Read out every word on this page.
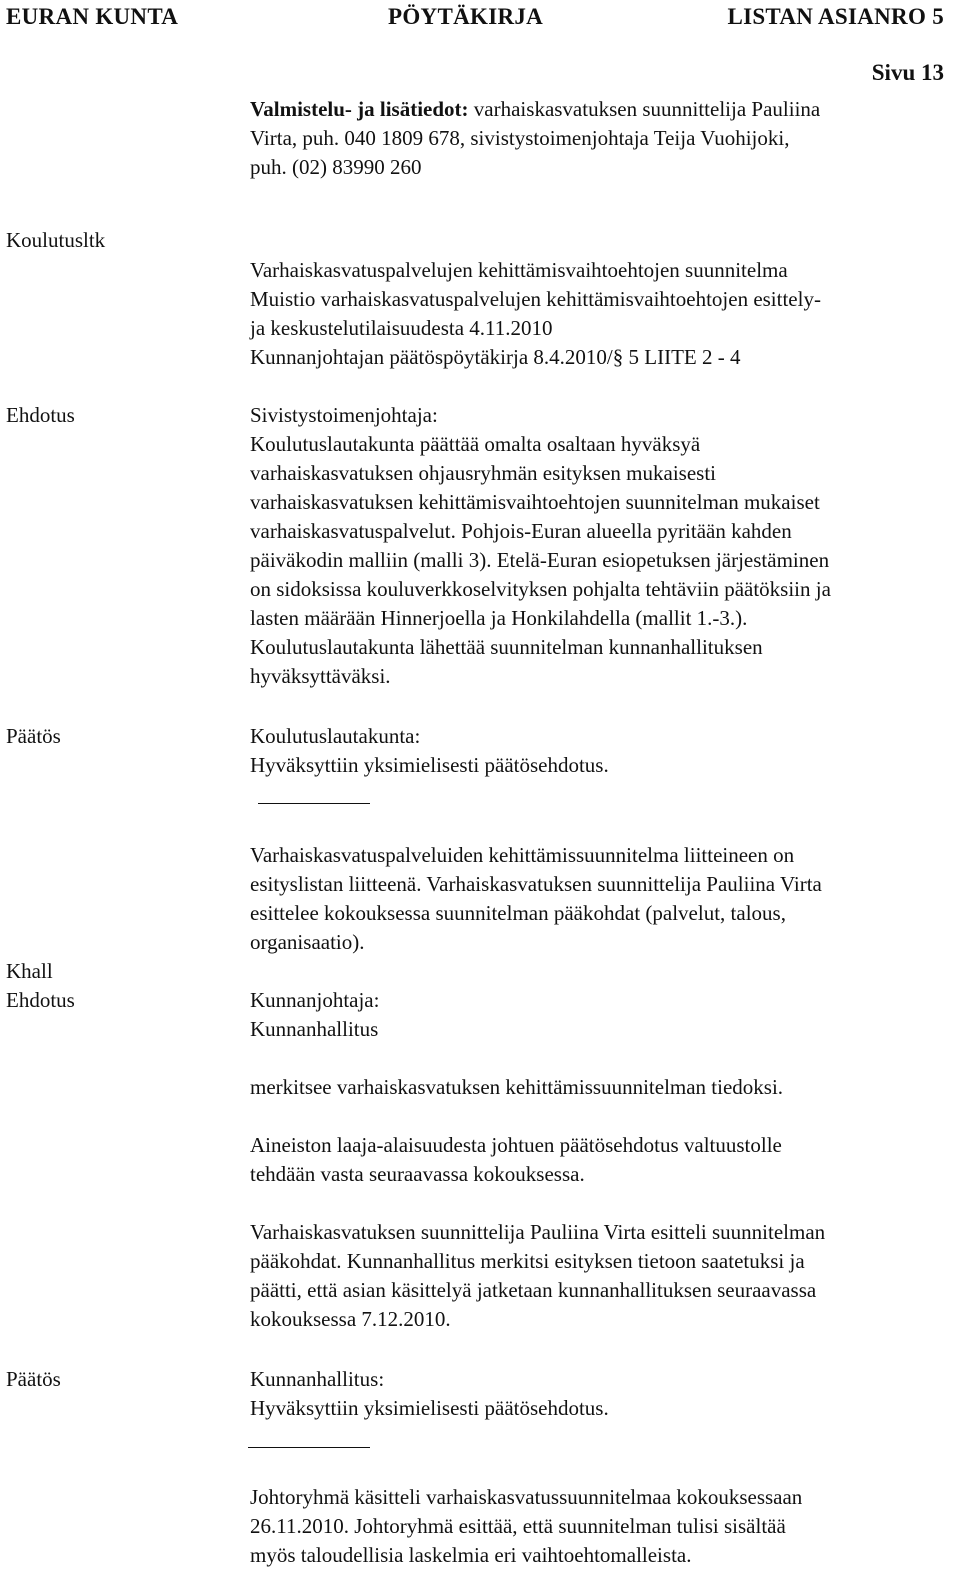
EURAN KUNTA	PÖYTÄKIRJA	LISTAN ASIANRO 5
Sivu 13
Valmistelu- ja lisätiedot: varhaiskasvatuksen suunnittelija Pauliina
Virta, puh. 040 1809 678, sivistystoimenjohtaja Teija Vuohijoki,
puh. (02) 83990 260
Koulutusltk
Varhaiskasvatuspalvelujen kehittämisvaihtoehtojen suunnitelma
Muistio varhaiskasvatuspalvelujen kehittämisvaihtoehtojen esittely-
ja keskustelutilaisuudesta 4.11.2010
Kunnanjohtajan päätöspöytäkirja 8.4.2010/§ 5 LIITE 2 - 4
Ehdotus	Sivistystoimenjohtaja:
Koulutuslautakunta päättää omalta osaltaan hyväksyä
varhaiskasvatuksen ohjausryhmän esityksen mukaisesti
varhaiskasvatuksen kehittämisvaihtoehtojen suunnitelman mukaiset
varhaiskasvatuspalvelut. Pohjois-Euran alueella pyritään kahden
päiväkodin malliin (malli 3). Etelä-Euran esiopetuksen järjestäminen
on sidoksissa kouluverkkoselvityksen pohjalta tehtäviin päätöksiin ja
lasten määrään Hinnerjoella ja Honkilahdella (mallit 1.-3.).
Koulutuslautakunta lähettää suunnitelman kunnanhallituksen
hyväksyttäväksi.
Päätös	Koulutuslautakunta:
Hyväksyttiin yksimielisesti päätösehdotus.
Varhaiskasvatuspalveluiden kehittämissuunnitelma liitteineen on
esityslistan liitteenä. Varhaiskasvatuksen suunnittelija Pauliina Virta
esittelee kokouksessa suunnitelman pääkohdat (palvelut, talous,
organisaatio).
Khall
Ehdotus	Kunnanjohtaja:
Kunnanhallitus
merkitsee varhaiskasvatuksen kehittämissuunnitelman tiedoksi.
Aineiston laaja-alaisuudesta johtuen päätösehdotus valtuustolle
tehdään vasta seuraavassa kokouksessa.
Varhaiskasvatuksen suunnittelija Pauliina Virta esitteli suunnitelman
pääkohdat. Kunnanhallitus merkitsi esityksen tietoon saatetuksi ja
päätti, että asian käsittelyä jatketaan kunnanhallituksen seuraavassa
kokouksessa 7.12.2010.
Päätös	Kunnanhallitus:
Hyväksyttiin yksimielisesti päätösehdotus.
Johtoryhmä käsitteli varhaiskasvatussuunnitelmaa kokouksessaan
26.11.2010. Johtoryhmä esittää, että suunnitelman tulisi sisältää
myös taloudellisia laskelmia eri vaihtoehtomalleista.
